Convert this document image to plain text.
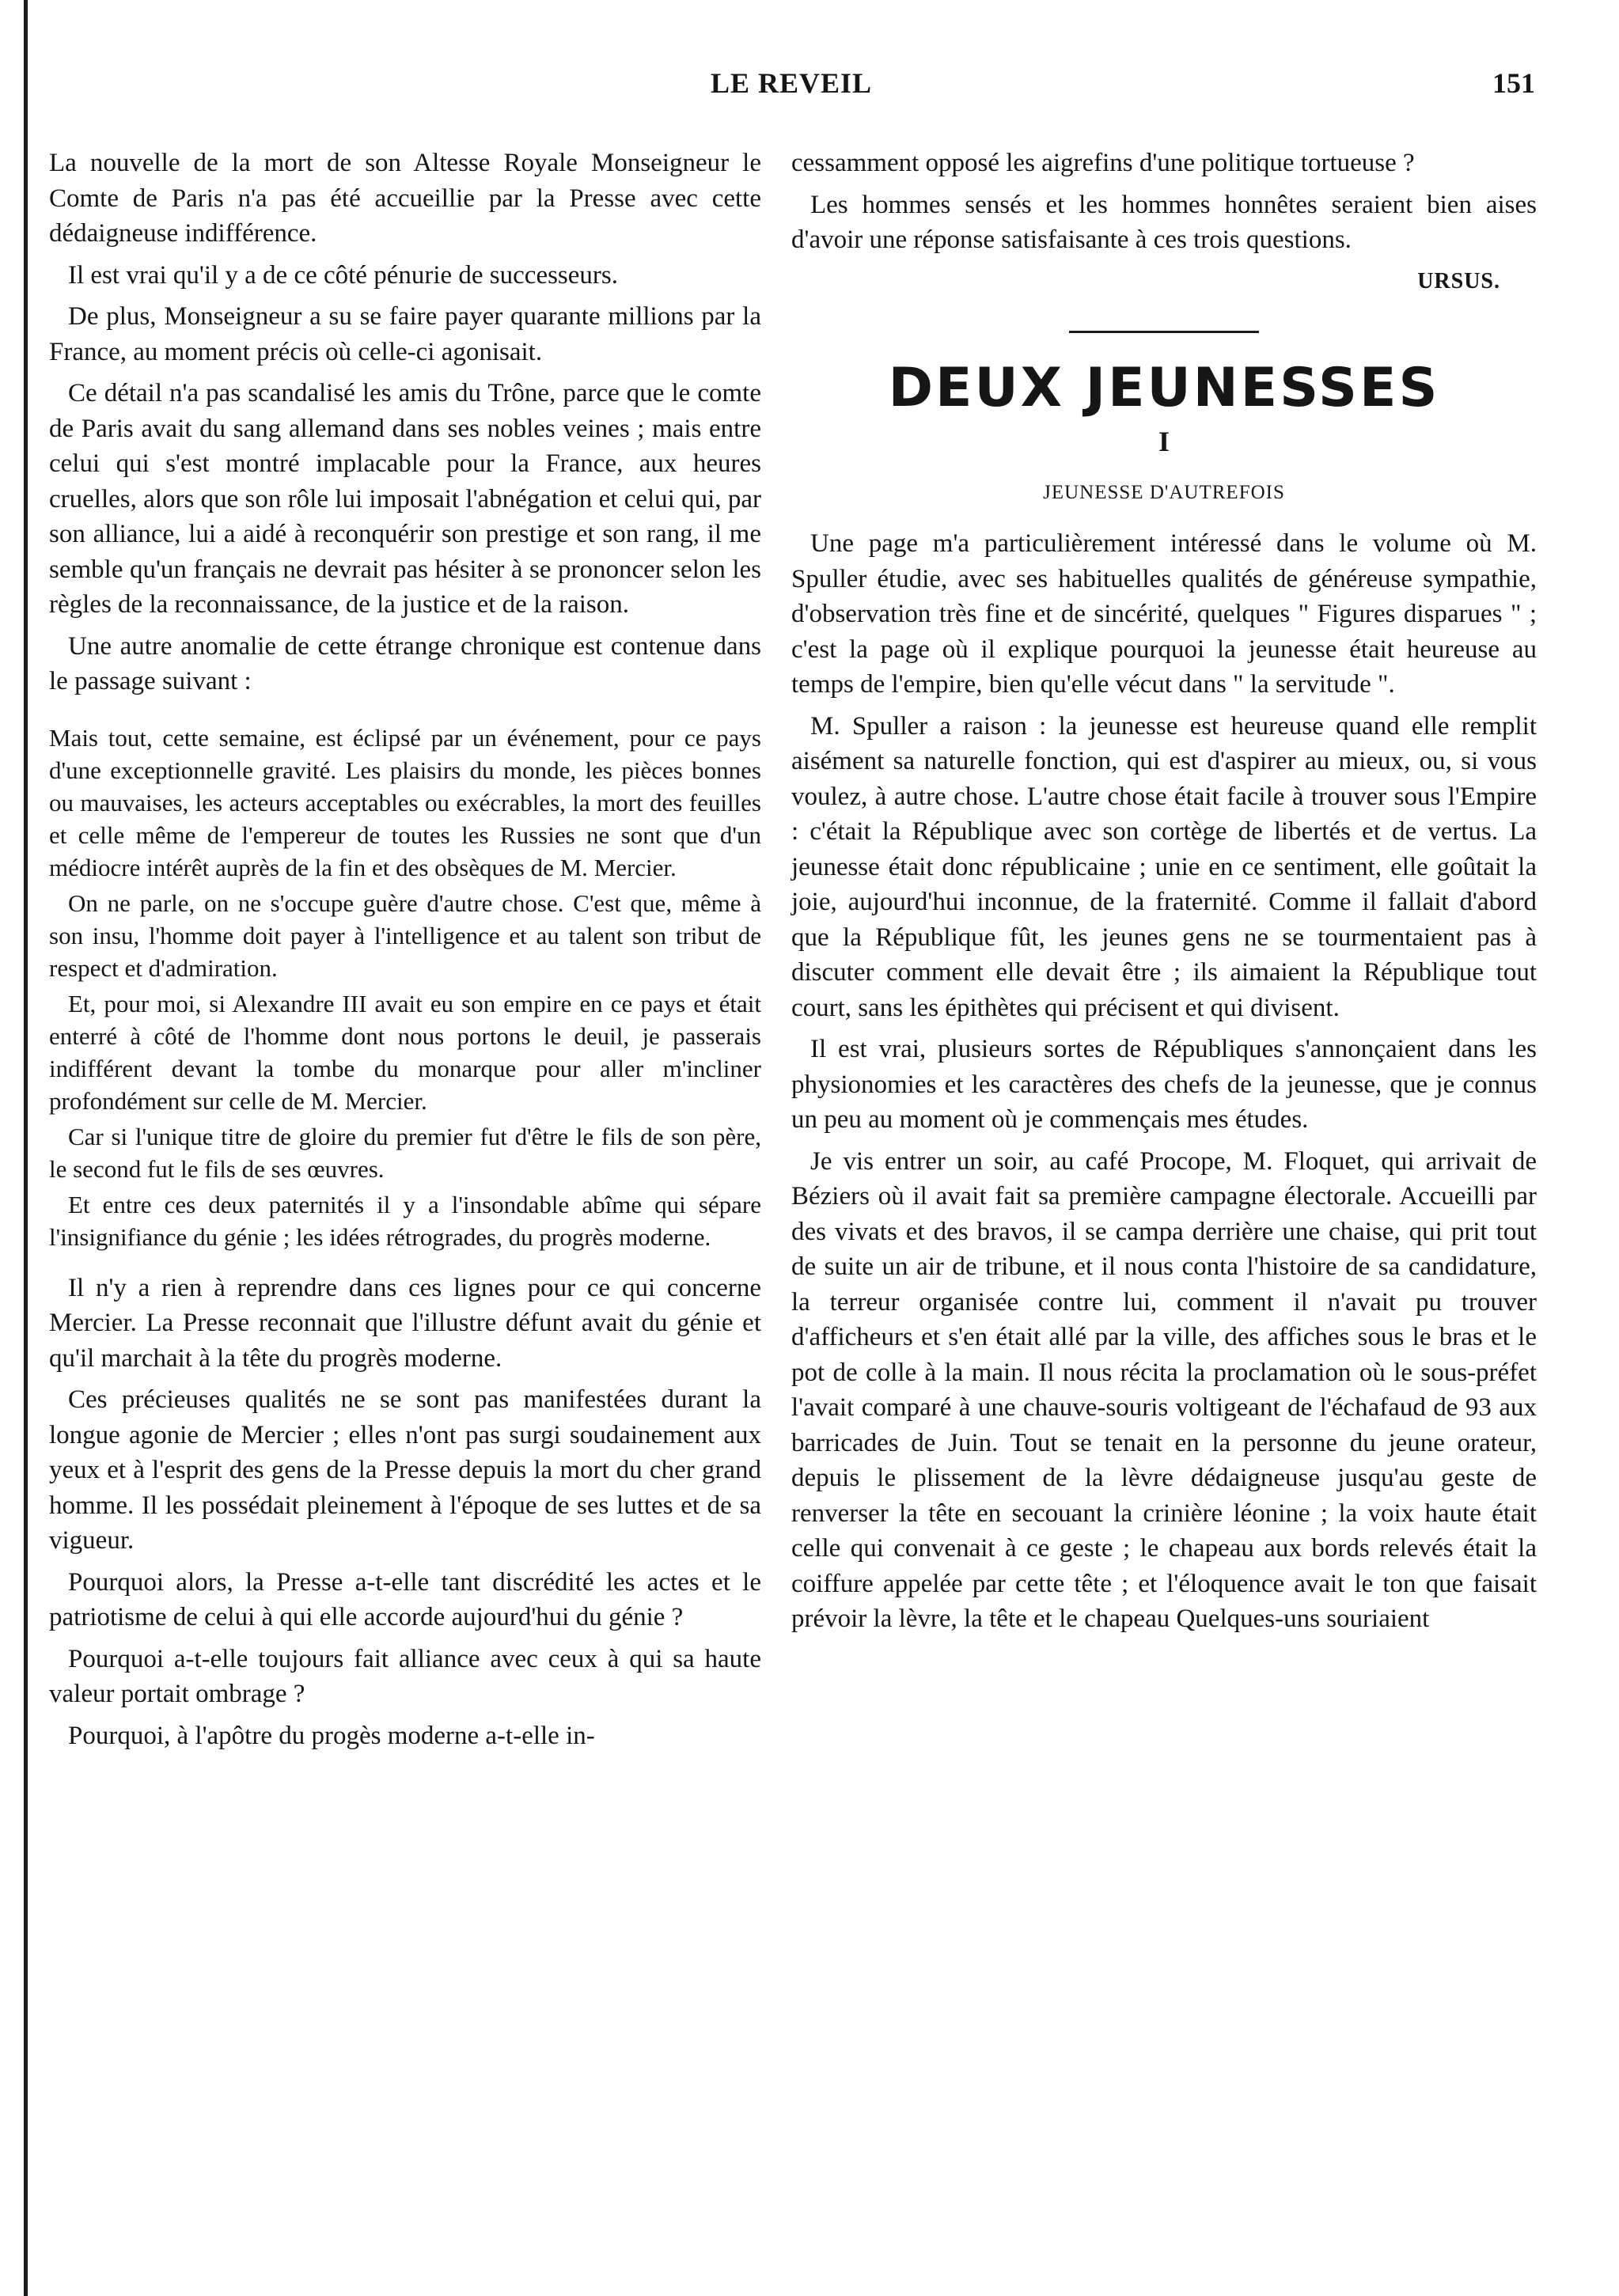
LE REVEIL	151

La nouvelle de la mort de son Altesse Royale Monseigneur le Comte de Paris n'a pas été accueillie par la Presse avec cette dédaigneuse indifférence.

Il est vrai qu'il y a de ce côté pénurie de successeurs.

De plus, Monseigneur a su se faire payer quarante millions par la France, au moment précis où celle-ci agonisait.

Ce détail n'a pas scandalisé les amis du Trône, parce que le comte de Paris avait du sang allemand dans ses nobles veines ; mais entre celui qui s'est montré implacable pour la France, aux heures cruelles, alors que son rôle lui imposait l'abnégation et celui qui, par son alliance, lui a aidé à reconquérir son prestige et son rang, il me semble qu'un français ne devrait pas hésiter à se prononcer selon les règles de la reconnaissance, de la justice et de la raison.

Une autre anomalie de cette étrange chronique est contenue dans le passage suivant :

Mais tout, cette semaine, est éclipsé par un événement, pour ce pays d'une exceptionnelle gravité. Les plaisirs du monde, les pièces bonnes ou mauvaises, les acteurs acceptables ou exécrables, la mort des feuilles et celle même de l'empereur de toutes les Russies ne sont que d'un médiocre intérêt auprès de la fin et des obsèques de M. Mercier.

On ne parle, on ne s'occupe guère d'autre chose. C'est que, même à son insu, l'homme doit payer à l'intelligence et au talent son tribut de respect et d'admiration.

Et, pour moi, si Alexandre III avait eu son empire en ce pays et était enterré à côté de l'homme dont nous portons le deuil, je passerais indifférent devant la tombe du monarque pour aller m'incliner profondément sur celle de M. Mercier.

Car si l'unique titre de gloire du premier fut d'être le fils de son père, le second fut le fils de ses œuvres.

Et entre ces deux paternités il y a l'insondable abîme qui sépare l'insignifiance du génie ; les idées rétrogrades, du progrès moderne.

Il n'y a rien à reprendre dans ces lignes pour ce qui concerne Mercier. La Presse reconnait que l'illustre défunt avait du génie et qu'il marchait à la tête du progrès moderne.

Ces précieuses qualités ne se sont pas manifestées durant la longue agonie de Mercier ; elles n'ont pas surgi soudainement aux yeux et à l'esprit des gens de la Presse depuis la mort du cher grand homme. Il les possédait pleinement à l'époque de ses luttes et de sa vigueur.

Pourquoi alors, la Presse a-t-elle tant discrédité les actes et le patriotisme de celui à qui elle accorde aujourd'hui du génie ?

Pourquoi a-t-elle toujours fait alliance avec ceux à qui sa haute valeur portait ombrage ?

Pourquoi, à l'apôtre du progès moderne a-t-elle in-

cessamment opposé les aigrefins d'une politique tortueuse ?

Les hommes sensés et les hommes honnêtes seraient bien aises d'avoir une réponse satisfaisante à ces trois questions.

URSUS.
DEUX JEUNESSES
I
JEUNESSE D'AUTREFOIS

Une page m'a particulièrement intéressé dans le volume où M. Spuller étudie, avec ses habituelles qualités de généreuse sympathie, d'observation très fine et de sincérité, quelques " Figures disparues " ; c'est la page où il explique pourquoi la jeunesse était heureuse au temps de l'empire, bien qu'elle vécut dans " la servitude ".

M. Spuller a raison : la jeunesse est heureuse quand elle remplit aisément sa naturelle fonction, qui est d'aspirer au mieux, ou, si vous voulez, à autre chose. L'autre chose était facile à trouver sous l'Empire : c'était la République avec son cortège de libertés et de vertus. La jeunesse était donc républicaine ; unie en ce sentiment, elle goûtait la joie, aujourd'hui inconnue, de la fraternité. Comme il fallait d'abord que la République fût, les jeunes gens ne se tourmentaient pas à discuter comment elle devait être ; ils aimaient la République tout court, sans les épithètes qui précisent et qui divisent.

Il est vrai, plusieurs sortes de Républiques s'annonçaient dans les physionomies et les caractères des chefs de la jeunesse, que je connus un peu au moment où je commençais mes études.

Je vis entrer un soir, au café Procope, M. Floquet, qui arrivait de Béziers où il avait fait sa première campagne électorale. Accueilli par des vivats et des bravos, il se campa derrière une chaise, qui prit tout de suite un air de tribune, et il nous conta l'histoire de sa candidature, la terreur organisée contre lui, comment il n'avait pu trouver d'afficheurs et s'en était allé par la ville, des affiches sous le bras et le pot de colle à la main. Il nous récita la proclamation où le sous-préfet l'avait comparé à une chauve-souris voltigeant de l'échafaud de 93 aux barricades de Juin. Tout se tenait en la personne du jeune orateur, depuis le plissement de la lèvre dédaigneuse jusqu'au geste de renverser la tête en secouant la crinière léonine ; la voix haute était celle qui convenait à ce geste ; le chapeau aux bords relevés était la coiffure appelée par cette tête ; et l'éloquence avait le ton que faisait prévoir la lèvre, la tête et le chapeau Quelques-uns souriaient
